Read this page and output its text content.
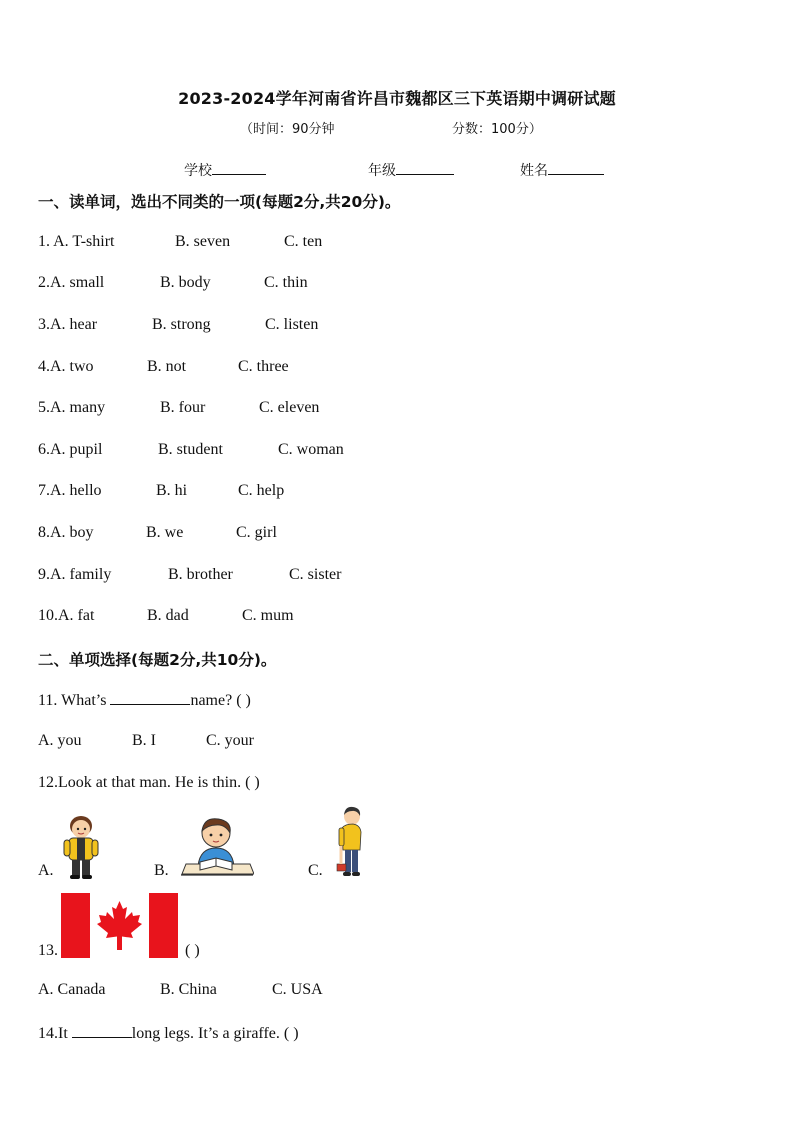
2023-2024学年河南省许昌市魏都区三下英语期中调研试题
（时间：90分钟	分数：100分）
学校	年级	姓名
一、读单词，选出不同类的一项(每题2分,共20分)。
1. A. T-shirt	B. seven	C. ten
2.A. small	B. body	C. thin
3.A. hear	B. strong	C. listen
4.A. two	B. not	C. three
5.A. many	B. four	C. eleven
6.A. pupil	B. student	C. woman
7.A. hello	B. hi	C. help
8.A. boy	B. we	C. girl
9.A. family	B. brother	C. sister
10.A. fat	B. dad	C. mum
二、单项选择(每题2分,共10分)。
11. What’s	name? ( )
A. you	B. I	C. your
12.Look at that man. He is thin. ( )
A.	B.	C.
13.	( )
A. Canada	B. China	C. USA
14.It	long legs. It’s a giraffe. ( )
